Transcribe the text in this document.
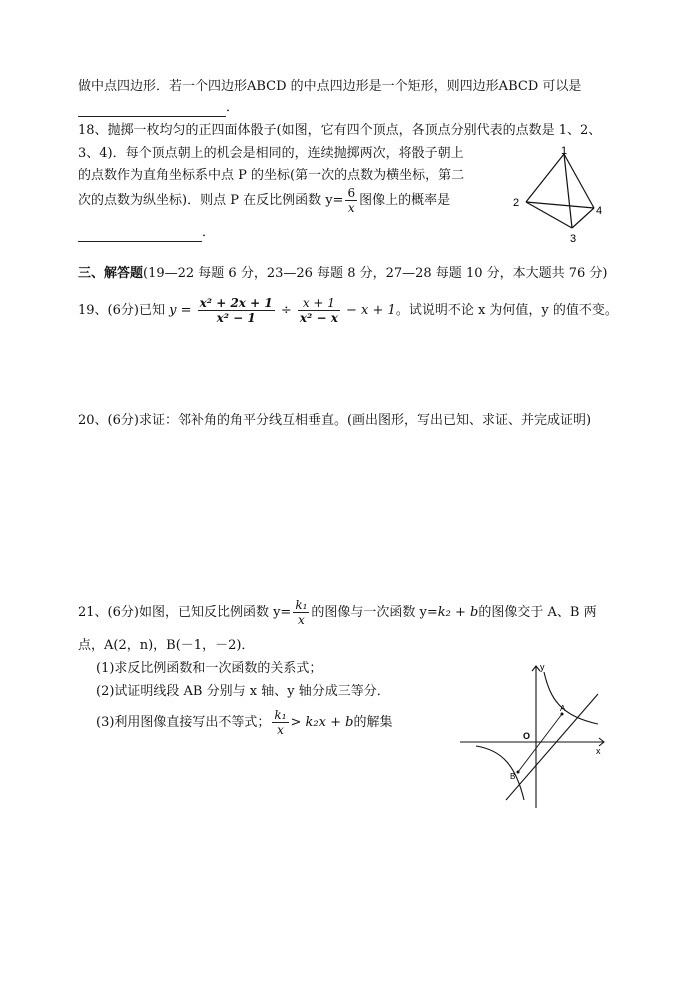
做中点四边形．若一个四边形ABCD 的中点四边形是一个矩形，则四边形ABCD 可以是
．
18、抛掷一枚均匀的正四面体骰子(如图，它有四个顶点，各顶点分别代表的点数是 1、2、
3、4)．每个顶点朝上的机会是相同的，连续抛掷两次，将骰子朝上
的点数作为直角坐标系中点 P 的坐标(第一次的点数为横坐标，第二
次的点数为纵坐标)．则点 P 在反比例函数 $y= \frac{6}{x}$ 图像上的概率是
．
1
2
3
4
三、解答题(19—22 每题 6 分，23—26 每题 8 分，27—28 每题 10 分，本大题共 76 分)
19、(6分)已知 $y = \frac{\text{x² + 2x + 1}}{\text{x² − 1}} \div \frac{x + 1}{\text{x² − x}} - x + 1$。试说明不论 x 为何值，y 的值不变。
20、(6分)求证：邻补角的角平分线互相垂直。(画出图形，写出已知、求证、并完成证明)
21、(6分)如图，已知反比例函数 $y= \frac{\text{k₁}}{x}$ 的图像与一次函数 y=k₂ + b的图像交于 A、B 两
点，A(2，n)，B(－1，－2)．
(1)求反比例函数和一次函数的关系式；
(2)试证明线段 AB 分别与 x 轴、y 轴分成三等分．
(3)利用图像直接写出不等式； $\frac{\text{k₁}}{x} > k_2x + b$的解集
y
x
O
A
B
